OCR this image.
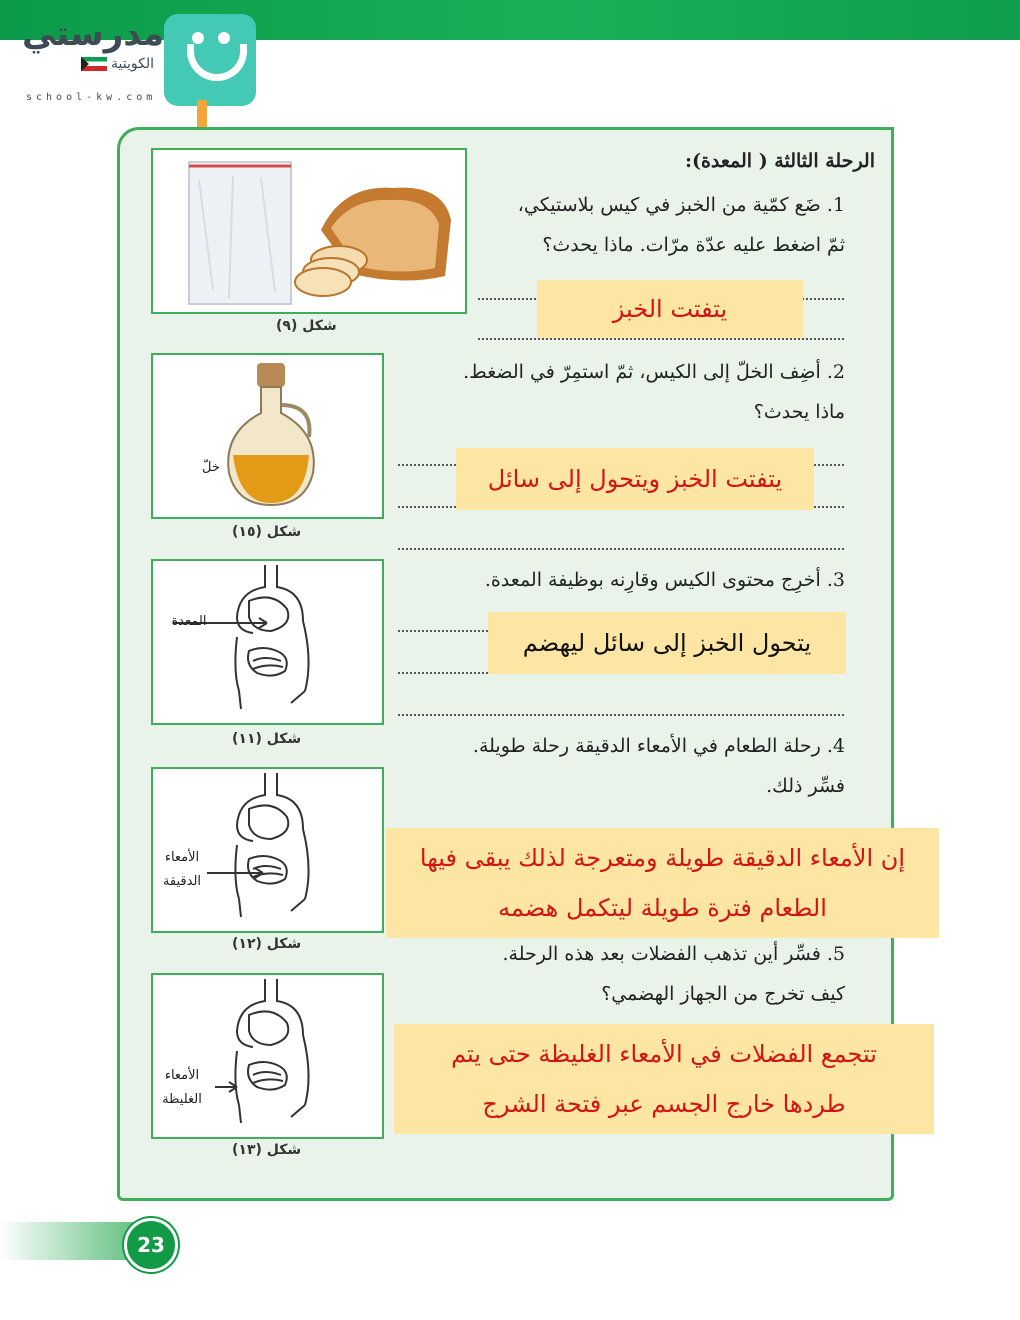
مدرستي
الكويتية
school-kw.com
الرحلة الثالثة ( المعدة):
شكل (٩)
1. ضَع كمّية من الخبز في كيس بلاستيكي،
ثمّ اضغط عليه عدّة مرّات. ماذا يحدث؟
يتفتت الخبز
خلّ
شكل (١٥)
2. أضِف الخلّ إلى الكيس، ثمّ استمِرّ في الضغط.
ماذا يحدث؟
يتفتت الخبز ويتحول إلى سائل
المعدة
شكل (١١)
3. أخرِج محتوى الكيس وقارِنه بوظيفة المعدة.
يتحول الخبز إلى سائل ليهضم
الأمعاء الدقيقة
شكل (١٢)
4. رحلة الطعام في الأمعاء الدقيقة رحلة طويلة.
فسِّر ذلك.
إن الأمعاء الدقيقة طويلة ومتعرجة لذلك يبقى فيها
الطعام فترة طويلة ليتكمل هضمه
الأمعاء الغليظة
شكل (١٣)
5. فسِّر أين تذهب الفضلات بعد هذه الرحلة.
كيف تخرج من الجهاز الهضمي؟
تتجمع الفضلات في الأمعاء الغليظة حتى يتم
طردها خارج الجسم عبر فتحة الشرج
23
